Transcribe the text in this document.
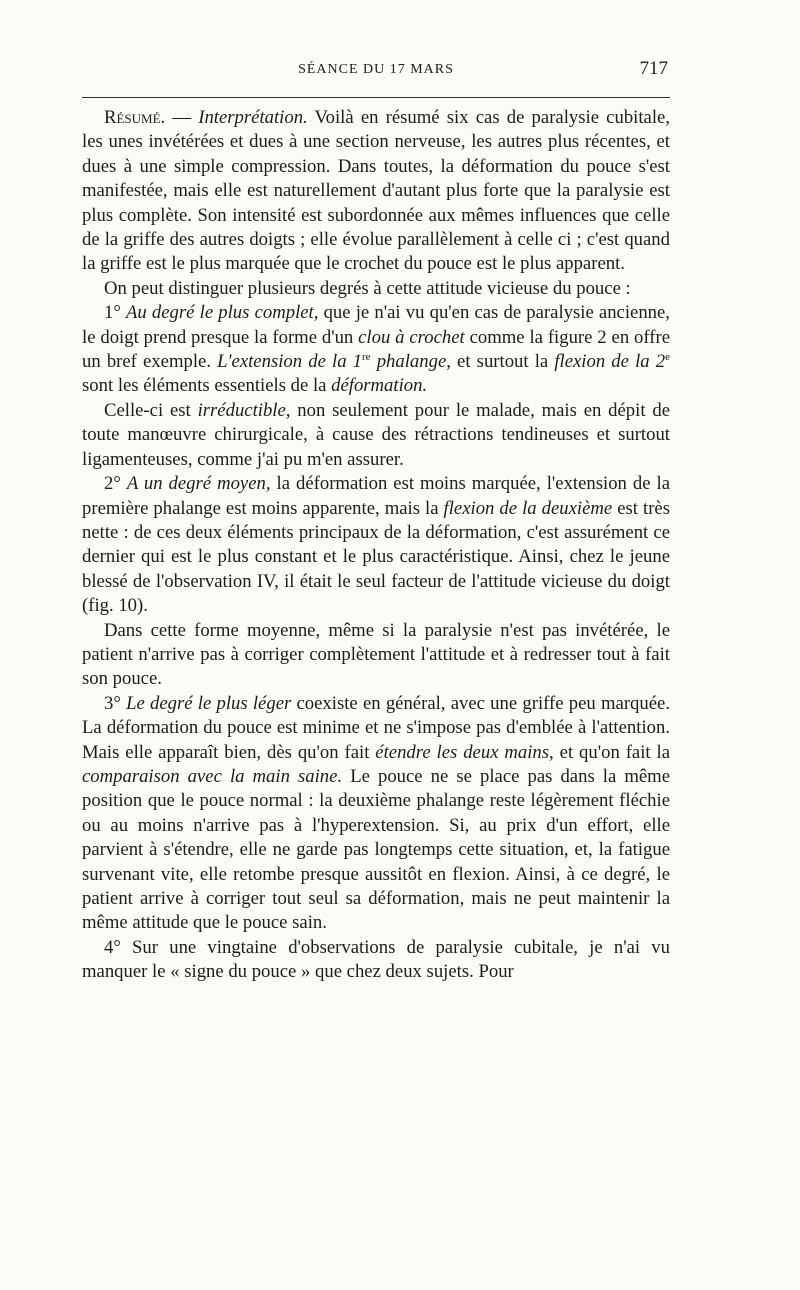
SÉANCE DU 17 MARS	717

Résumé. — Interprétation. Voilà en résumé six cas de paralysie cubitale, les unes invétérées et dues à une section nerveuse, les autres plus récentes, et dues à une simple compression. Dans toutes, la déformation du pouce s'est manifestée, mais elle est naturellement d'autant plus forte que la paralysie est plus complète. Son intensité est subordonnée aux mêmes influences que celle de la griffe des autres doigts ; elle évolue parallèlement à celle ci ; c'est quand la griffe est le plus marquée que le crochet du pouce est le plus apparent.

On peut distinguer plusieurs degrés à cette attitude vicieuse du pouce :

1° Au degré le plus complet, que je n'ai vu qu'en cas de paralysie ancienne, le doigt prend presque la forme d'un clou à crochet comme la figure 2 en offre un bref exemple. L'extension de la 1re phalange, et surtout la flexion de la 2e sont les éléments essentiels de la déformation.

Celle-ci est irréductible, non seulement pour le malade, mais en dépit de toute manœuvre chirurgicale, à cause des rétractions tendineuses et surtout ligamenteuses, comme j'ai pu m'en assurer.

2° A un degré moyen, la déformation est moins marquée, l'extension de la première phalange est moins apparente, mais la flexion de la deuxième est très nette : de ces deux éléments principaux de la déformation, c'est assurément ce dernier qui est le plus constant et le plus caractéristique. Ainsi, chez le jeune blessé de l'observation IV, il était le seul facteur de l'attitude vicieuse du doigt (fig. 10).

Dans cette forme moyenne, même si la paralysie n'est pas invétérée, le patient n'arrive pas à corriger complètement l'attitude et à redresser tout à fait son pouce.

3° Le degré le plus léger coexiste en général, avec une griffe peu marquée. La déformation du pouce est minime et ne s'impose pas d'emblée à l'attention. Mais elle apparaît bien, dès qu'on fait étendre les deux mains, et qu'on fait la comparaison avec la main saine. Le pouce ne se place pas dans la même position que le pouce normal : la deuxième phalange reste légèrement fléchie ou au moins n'arrive pas à l'hyperextension. Si, au prix d'un effort, elle parvient à s'étendre, elle ne garde pas longtemps cette situation, et, la fatigue survenant vite, elle retombe presque aussitôt en flexion. Ainsi, à ce degré, le patient arrive à corriger tout seul sa déformation, mais ne peut maintenir la même attitude que le pouce sain.

4° Sur une vingtaine d'observations de paralysie cubitale, je n'ai vu manquer le « signe du pouce » que chez deux sujets. Pour
